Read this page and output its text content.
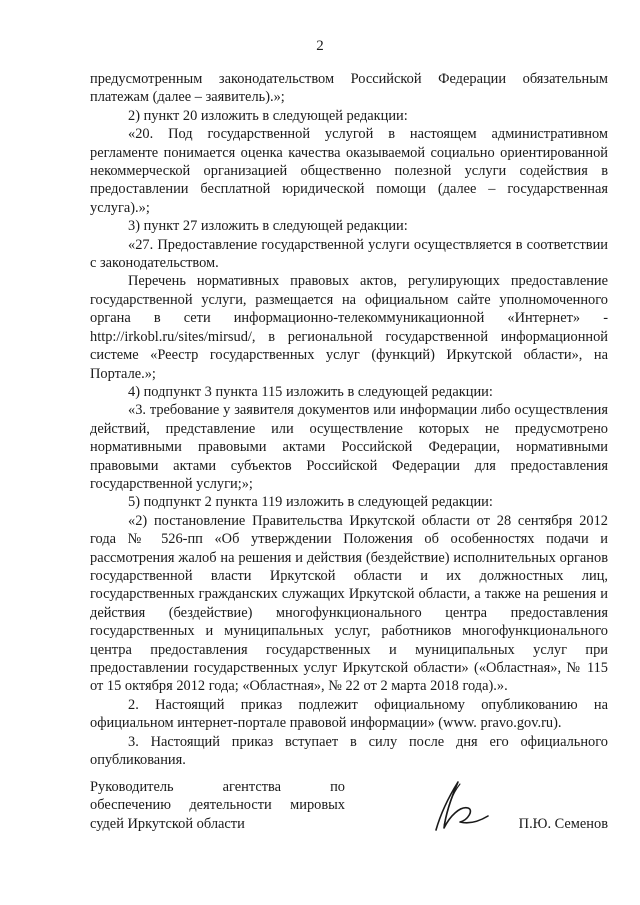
2

предусмотренным законодательством Российской Федерации обязательным платежам (далее – заявитель).»;

2) пункт 20 изложить в следующей редакции:

«20. Под государственной услугой в настоящем административном регламенте понимается оценка качества оказываемой социально ориентированной некоммерческой организацией общественно полезной услуги содействия в предоставлении бесплатной юридической помощи (далее – государственная услуга).»;

3) пункт 27 изложить в следующей редакции:

«27. Предоставление государственной услуги осуществляется в соответствии с законодательством.

Перечень нормативных правовых актов, регулирующих предоставление государственной услуги, размещается на официальном сайте уполномоченного органа в сети информационно-телекоммуникационной «Интернет» - http://irkobl.ru/sites/mirsud/, в региональной государственной информационной системе «Реестр государственных услуг (функций) Иркутской области», на Портале.»;

4) подпункт 3 пункта 115 изложить в следующей редакции:

«3. требование у заявителя документов или информации либо осуществления действий, представление или осуществление которых не предусмотрено нормативными правовыми актами Российской Федерации, нормативными правовыми актами субъектов Российской Федерации для предоставления государственной услуги;»;

5) подпункт 2 пункта 119 изложить в следующей редакции:

«2) постановление Правительства Иркутской области от 28 сентября 2012 года № 526-пп «Об утверждении Положения об особенностях подачи и рассмотрения жалоб на решения и действия (бездействие) исполнительных органов государственной власти Иркутской области и их должностных лиц, государственных гражданских служащих Иркутской области, а также на решения и действия (бездействие) многофункционального центра предоставления государственных и муниципальных услуг, работников многофункционального центра предоставления государственных и муниципальных услуг при предоставлении государственных услуг Иркутской области» («Областная», № 115 от 15 октября 2012 года; «Областная», № 22 от 2 марта 2018 года).».

2. Настоящий приказ подлежит официальному опубликованию на официальном интернет-портале правовой информации» (www. pravo.gov.ru).

3. Настоящий приказ вступает в силу после дня его официального опубликования.

Руководитель агентства по
обеспечению деятельности мировых
судей Иркутской области	П.Ю. Семенов
